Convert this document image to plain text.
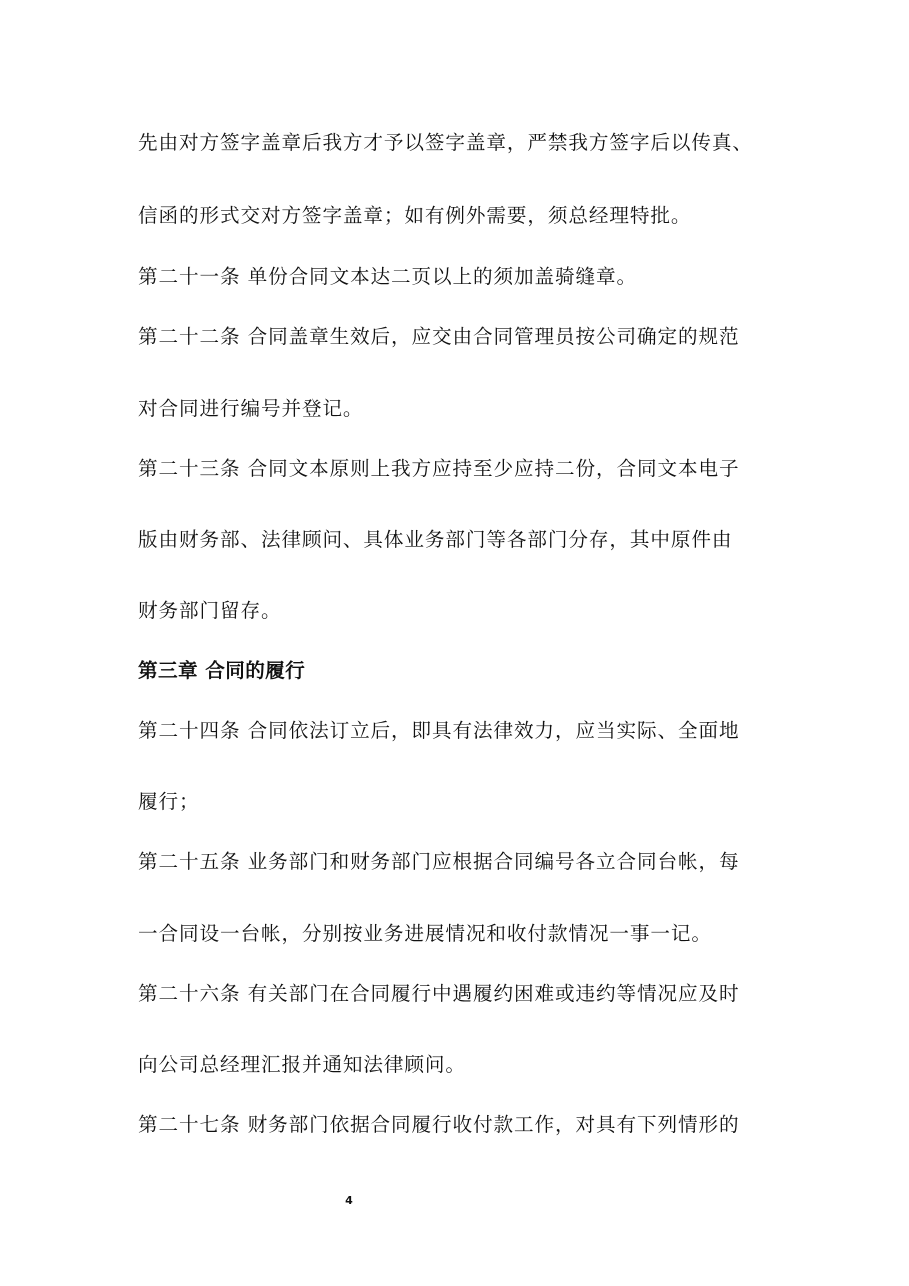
先由对方签字盖章后我方才予以签字盖章，严禁我方签字后以传真、
信函的形式交对方签字盖章；如有例外需要，须总经理特批。
第二十一条 单份合同文本达二页以上的须加盖骑缝章。
第二十二条 合同盖章生效后，应交由合同管理员按公司确定的规范
对合同进行编号并登记。
第二十三条 合同文本原则上我方应持至少应持二份，合同文本电子
版由财务部、法律顾问、具体业务部门等各部门分存，其中原件由
财务部门留存。
第三章 合同的履行
第二十四条 合同依法订立后，即具有法律效力，应当实际、全面地
履行；
第二十五条 业务部门和财务部门应根据合同编号各立合同台帐，每
一合同设一台帐，分别按业务进展情况和收付款情况一事一记。
第二十六条 有关部门在合同履行中遇履约困难或违约等情况应及时
向公司总经理汇报并通知法律顾问。
第二十七条 财务部门依据合同履行收付款工作，对具有下列情形的
4
